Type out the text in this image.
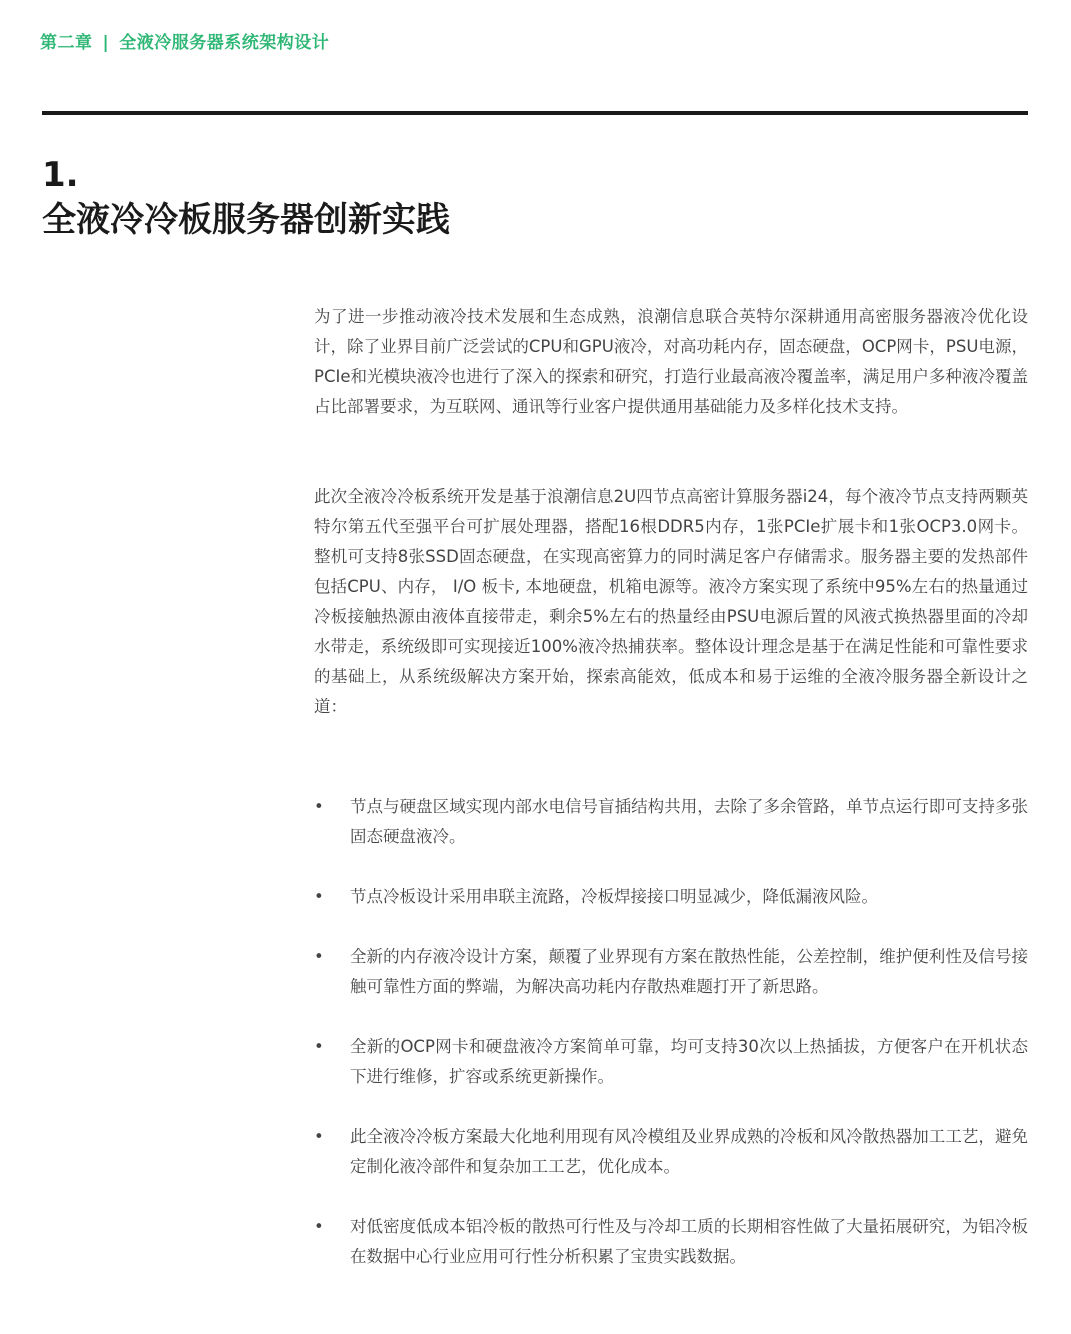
第二章 | 全液冷服务器系统架构设计
1.
全液冷冷板服务器创新实践

为了进一步推动液冷技术发展和生态成熟，浪潮信息联合英特尔深耕通用高密服务器液冷优化设计，除了业界目前广泛尝试的CPU和GPU液冷，对高功耗内存，固态硬盘，OCP网卡，PSU电源，PCIe和光模块液冷也进行了深入的探索和研究，打造行业最高液冷覆盖率，满足用户多种液冷覆盖占比部署要求，为互联网、通讯等行业客户提供通用基础能力及多样化技术支持。

此次全液冷冷板系统开发是基于浪潮信息2U四节点高密计算服务器i24，每个液冷节点支持两颗英特尔第五代至强平台可扩展处理器，搭配16根DDR5内存，1张PCIe扩展卡和1张OCP3.0网卡。整机可支持8张SSD固态硬盘，在实现高密算力的同时满足客户存储需求。服务器主要的发热部件包括CPU、内存， I/O 板卡, 本地硬盘，机箱电源等。液冷方案实现了系统中95%左右的热量通过冷板接触热源由液体直接带走，剩余5%左右的热量经由PSU电源后置的风液式换热器里面的冷却水带走，系统级即可实现接近100%液冷热捕获率。整体设计理念是基于在满足性能和可靠性要求的基础上，从系统级解决方案开始，探索高能效，低成本和易于运维的全液冷服务器全新设计之道：

• 节点与硬盘区域实现内部水电信号盲插结构共用，去除了多余管路，单节点运行即可支持多张固态硬盘液冷。
• 节点冷板设计采用串联主流路，冷板焊接接口明显减少，降低漏液风险。
• 全新的内存液冷设计方案，颠覆了业界现有方案在散热性能，公差控制，维护便利性及信号接触可靠性方面的弊端，为解决高功耗内存散热难题打开了新思路。
• 全新的OCP网卡和硬盘液冷方案简单可靠，均可支持30次以上热插拔，方便客户在开机状态下进行维修，扩容或系统更新操作。
• 此全液冷冷板方案最大化地利用现有风冷模组及业界成熟的冷板和风冷散热器加工工艺，避免定制化液冷部件和复杂加工工艺，优化成本。
• 对低密度低成本铝冷板的散热可行性及与冷却工质的长期相容性做了大量拓展研究，为铝冷板在数据中心行业应用可行性分析积累了宝贵实践数据。
